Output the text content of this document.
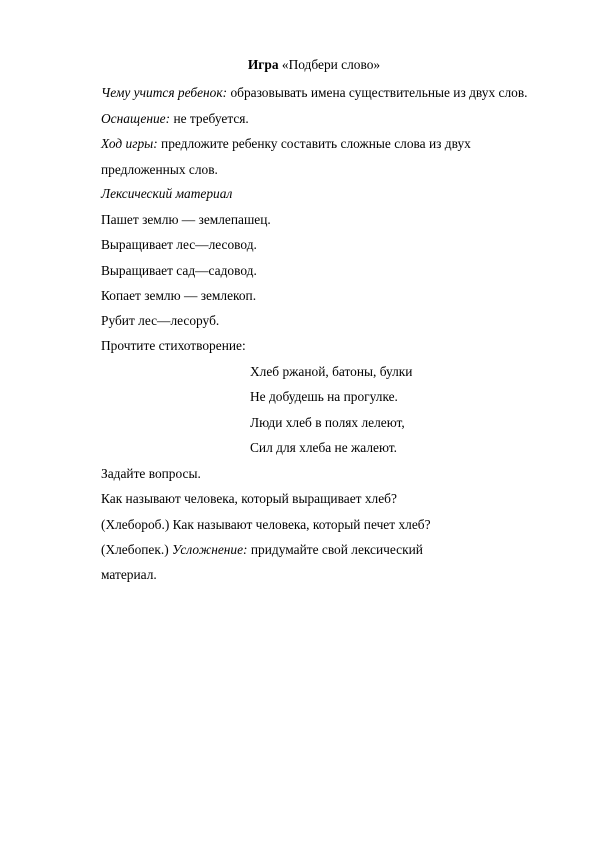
Игра «Подбери слово»
Чему учится ребенок: образовывать имена существительные из двух слов.
Оснащение: не требуется.
Ход игры: предложите ребенку составить сложные слова из двух
предложенных слов.
Лексический материал
Пашет землю — землепашец.
Выращивает лес—лесовод.
Выращивает сад—садовод.
Копает землю — землекоп.
Рубит лес—лесоруб.
Прочтите стихотворение:
Хлеб ржаной, батоны, булки
Не добудешь на прогулке.
Люди хлеб в полях лелеют,
Сил для хлеба не жалеют.
Задайте вопросы.
Как называют человека, который выращивает хлеб?
(Хлебороб.) Как называют человека, который печет хлеб?
(Хлебопек.) Усложнение: придумайте свой лексический
материал.
